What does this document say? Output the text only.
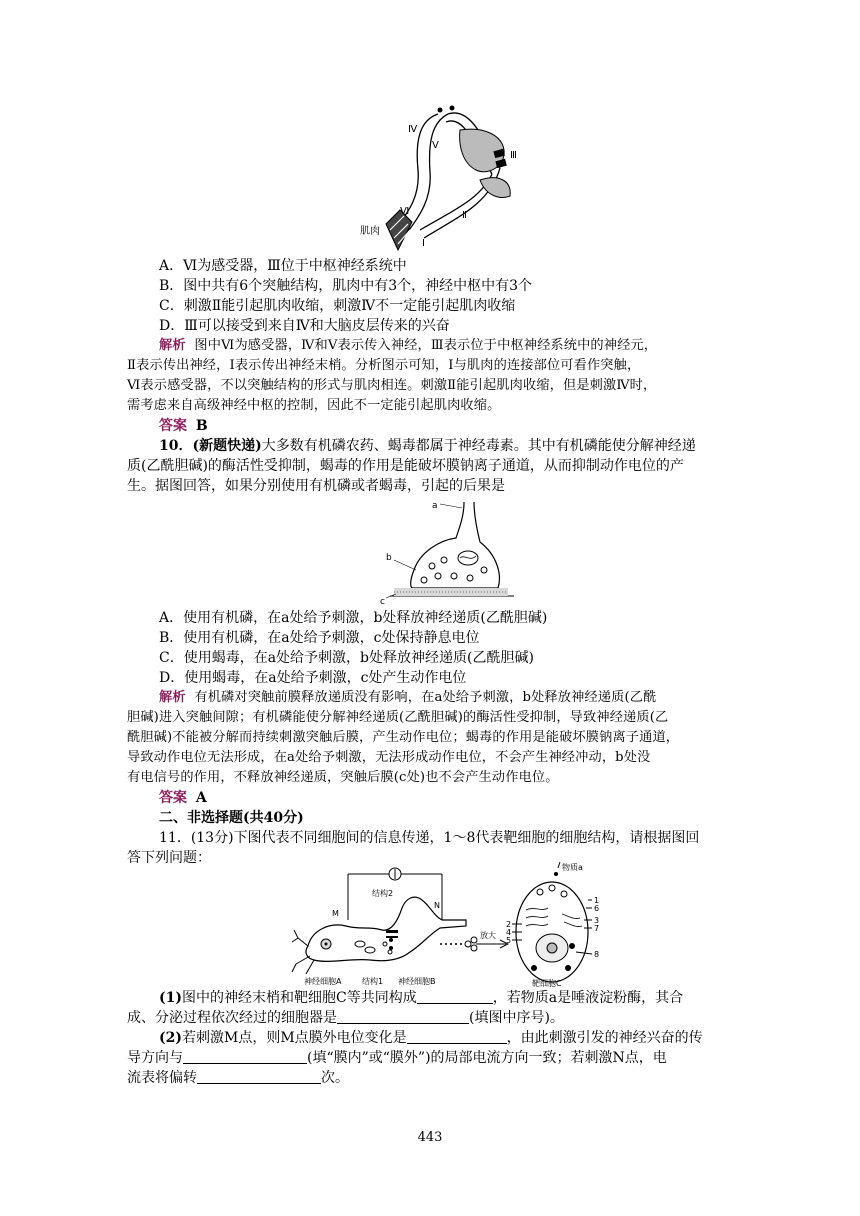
Ⅳ
Ⅴ
Ⅲ
Ⅵ	Ⅱ
Ⅰ
肌肉
A．Ⅵ为感受器，Ⅲ位于中枢神经系统中
B．图中共有6个突触结构，肌肉中有3个，神经中枢中有3个
C．刺激Ⅱ能引起肌肉收缩，刺激Ⅳ不一定能引起肌肉收缩
D．Ⅲ可以接受到来自Ⅳ和大脑皮层传来的兴奋
解析 图中Ⅵ为感受器，Ⅳ和Ⅴ表示传入神经，Ⅲ表示位于中枢神经系统中的神经元，
Ⅱ表示传出神经，Ⅰ表示传出神经末梢。分析图示可知，Ⅰ与肌肉的连接部位可看作突触，
Ⅵ表示感受器，不以突触结构的形式与肌肉相连。刺激Ⅱ能引起肌肉收缩，但是刺激Ⅳ时，
需考虑来自高级神经中枢的控制，因此不一定能引起肌肉收缩。
答案 B
10．(新题快递)大多数有机磷农药、蝎毒都属于神经毒素。其中有机磷能使分解神经递
质(乙酰胆碱)的酶活性受抑制，蝎毒的作用是能破坏膜钠离子通道，从而抑制动作电位的产
生。据图回答，如果分别使用有机磷或者蝎毒，引起的后果是
a
b
c
A．使用有机磷，在a处给予刺激，b处释放神经递质(乙酰胆碱)
B．使用有机磷，在a处给予刺激，c处保持静息电位
C．使用蝎毒，在a处给予刺激，b处释放神经递质(乙酰胆碱)
D．使用蝎毒，在a处给予刺激，c处产生动作电位
解析 有机磷对突触前膜释放递质没有影响，在a处给予刺激，b处释放神经递质(乙酰
胆碱)进入突触间隙；有机磷能使分解神经递质(乙酰胆碱)的酶活性受抑制，导致神经递质(乙
酰胆碱)不能被分解而持续刺激突触后膜，产生动作电位；蝎毒的作用是能破坏膜钠离子通道，
导致动作电位无法形成，在a处给予刺激，无法形成动作电位，不会产生神经冲动，b处没
有电信号的作用，不释放神经递质，突触后膜(c处)也不会产生动作电位。
答案 A
二、非选择题(共40分)
11．(13分)下图代表不同细胞间的信息传递，1～8代表靶细胞的细胞结构，请根据图回
答下列问题：
结构2
M
N
神经细胞A	结构1 神经细胞B
放大
靶细胞C
物质a
1
6
3
2
4
5
7
8
(1)图中的神经末梢和靶细胞C等共同构成	，若物质a是唾液淀粉酶，其合
成、分泌过程依次经过的细胞器是	(填图中序号)。
(2)若刺激M点，则M点膜外电位变化是	，由此刺激引发的神经兴奋的传
导方向与	(填“膜内”或“膜外”)的局部电流方向一致；若刺激N点，电
流表将偏转	次。
443
